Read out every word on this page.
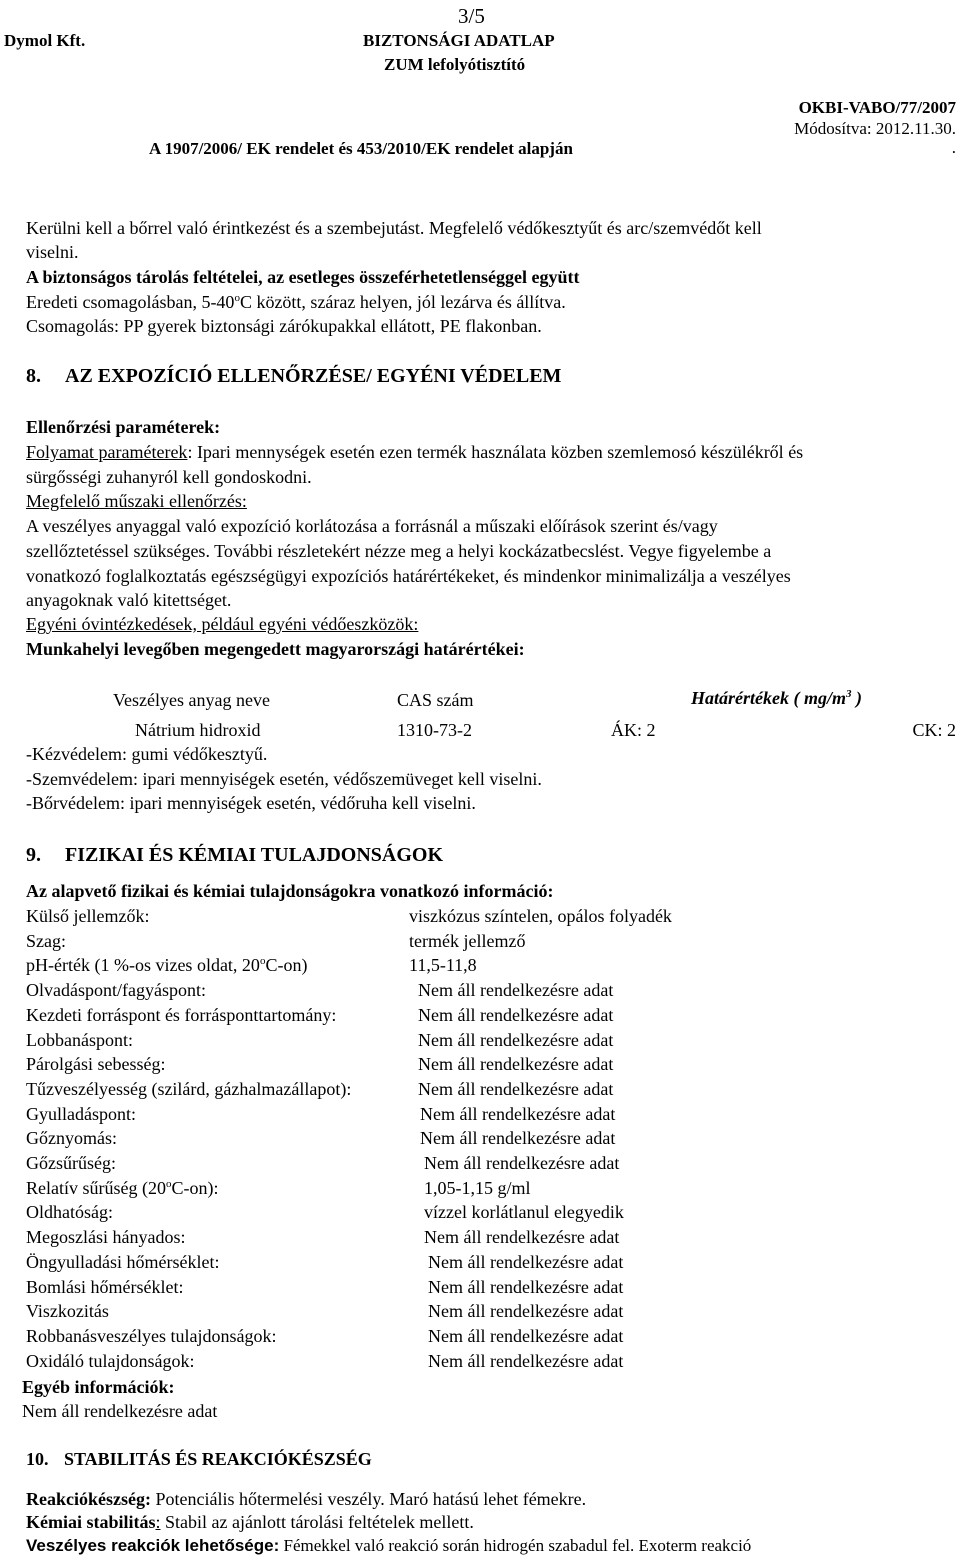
3/5
Dymol Kft.	BIZTONSÁGI ADATLAP
ZUM lefolyótisztító
OKBI-VABO/77/2007
Módosítva: 2012.11.30.
A 1907/2006/ EK rendelet és 453/2010/EK rendelet alapján	.
Kerülni kell a bőrrel való érintkezést és a szembejutást. Megfelelő védőkesztyűt és arc/szemvédőt kell
viselni.
A biztonságos tárolás feltételei, az esetleges összeférhetetlenséggel együtt
Eredeti csomagolásban, 5-40$^o$C között, száraz helyen, jól lezárva és állítva.
Csomagolás: PP gyerek biztonsági zárókupakkal ellátott, PE flakonban.
8. AZ EXPOZÍCIÓ ELLENŐRZÉSE/ EGYÉNI VÉDELEM
Ellenőrzési paraméterek:
Folyamat paraméterek: Ipari mennységek esetén ezen termék használata közben szemlemosó készülékről és
sürgősségi zuhanyról kell gondoskodni.
Megfelelő műszaki ellenőrzés:
A veszélyes anyaggal való expozíció korlátozása a forrásnál a műszaki előírások szerint és/vagy
szellőztetéssel szükséges. További részletekért nézze meg a helyi kockázatbecslést. Vegye figyelembe a
vonatkozó foglalkoztatás egészségügyi expozíciós határértékeket, és mindenkor minimalizálja a veszélyes
anyagoknak való kitettséget.
Egyéni óvintézkedések, például egyéni védőeszközök:
Munkahelyi levegőben megengedett magyarországi határértékei:
Veszélyes anyag neve	CAS szám	Határértékek ( $mg/m^3$ )
Nátrium hidroxid	1310-73-2	ÁK: 2	CK: 2
-Kézvédelem: gumi védőkesztyű.
-Szemvédelem: ipari mennyiségek esetén, védőszemüveget kell viselni.
-Bőrvédelem: ipari mennyiségek esetén, védőruha kell viselni.
9. FIZIKAI ÉS KÉMIAI TULAJDONSÁGOK
Az alapvető fizikai és kémiai tulajdonságokra vonatkozó információ:
Külső jellemzők:	viszkózus színtelen, opálos folyadék
Szag:	termék jellemző
pH-érték (1 %-os vizes oldat, 20$^o$C-on)	11,5-11,8
Olvadáspont/fagyáspont:	Nem áll rendelkezésre adat
Kezdeti forráspont és forrásponttartomány:	Nem áll rendelkezésre adat
Lobbanáspont:	Nem áll rendelkezésre adat
Párolgási sebesség:	Nem áll rendelkezésre adat
Tűzveszélyesség (szilárd, gázhalmazállapot):	Nem áll rendelkezésre adat
Gyulladáspont:	Nem áll rendelkezésre adat
Gőznyomás:	Nem áll rendelkezésre adat
Gőzsűrűség:	Nem áll rendelkezésre adat
Relatív sűrűség (20$^o$C-on):	1,05-1,15 g/ml
Oldhatóság:	vízzel korlátlanul elegyedik
Megoszlási hányados:	Nem áll rendelkezésre adat
Öngyulladási hőmérséklet:	Nem áll rendelkezésre adat
Bomlási hőmérséklet:	Nem áll rendelkezésre adat
Viszkozitás	Nem áll rendelkezésre adat
Robbanásveszélyes tulajdonságok:	Nem áll rendelkezésre adat
Oxidáló tulajdonságok:	Nem áll rendelkezésre adat
Egyéb információk:
Nem áll rendelkezésre adat
10. STABILITÁS ÉS REAKCIÓKÉSZSÉG
Reakciókészség: Potenciális hőtermelési veszély. Maró hatású lehet fémekre.
Kémiai stabilitás: Stabil az ajánlott tárolási feltételek mellett.
Veszélyes reakciók lehetősége: Fémekkel való reakció során hidrogén szabadul fel. Exoterm reakció
